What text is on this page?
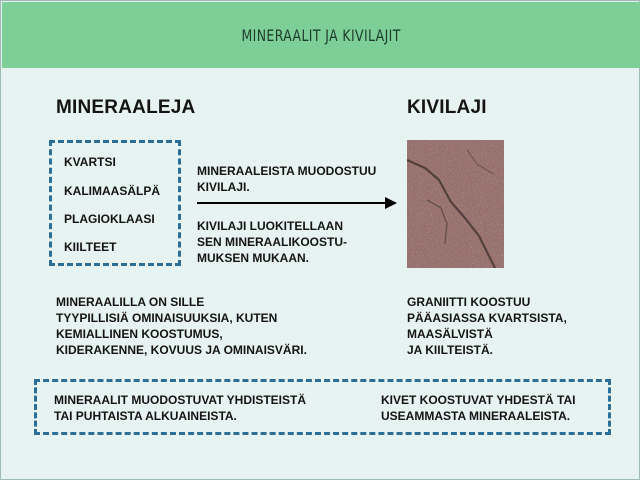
MINERAALIT JA KIVILAJIT
MINERAALEJA	KIVILAJI
KVARTSI
KALIMAASÄLPÄ
PLAGIOKLAASI
KIILTEET
MINERAALEISTA MUODOSTUU
KIVILAJI.
KIVILAJI LUOKITELLAAN
SEN MINERAALIKOOSTU-
MUKSEN MUKAAN.
MINERAALILLA ON SILLE
TYYPILLISIÄ OMINAISUUKSIA, KUTEN
KEMIALLINEN KOOSTUMUS,
KIDERAKENNE, KOVUUS JA OMINAISVÄRI.
GRANIITTI KOOSTUU
PÄÄASIASSA KVARTSISTA,
MAASÄLVISTÄ
JA KIILTEISTÄ.
MINERAALIT MUODOSTUVAT YHDISTEISTÄ
TAI PUHTAISTA ALKUAINEISTA.
KIVET KOOSTUVAT YHDESTÄ TAI
USEAMMASTA MINERAALEISTA.
